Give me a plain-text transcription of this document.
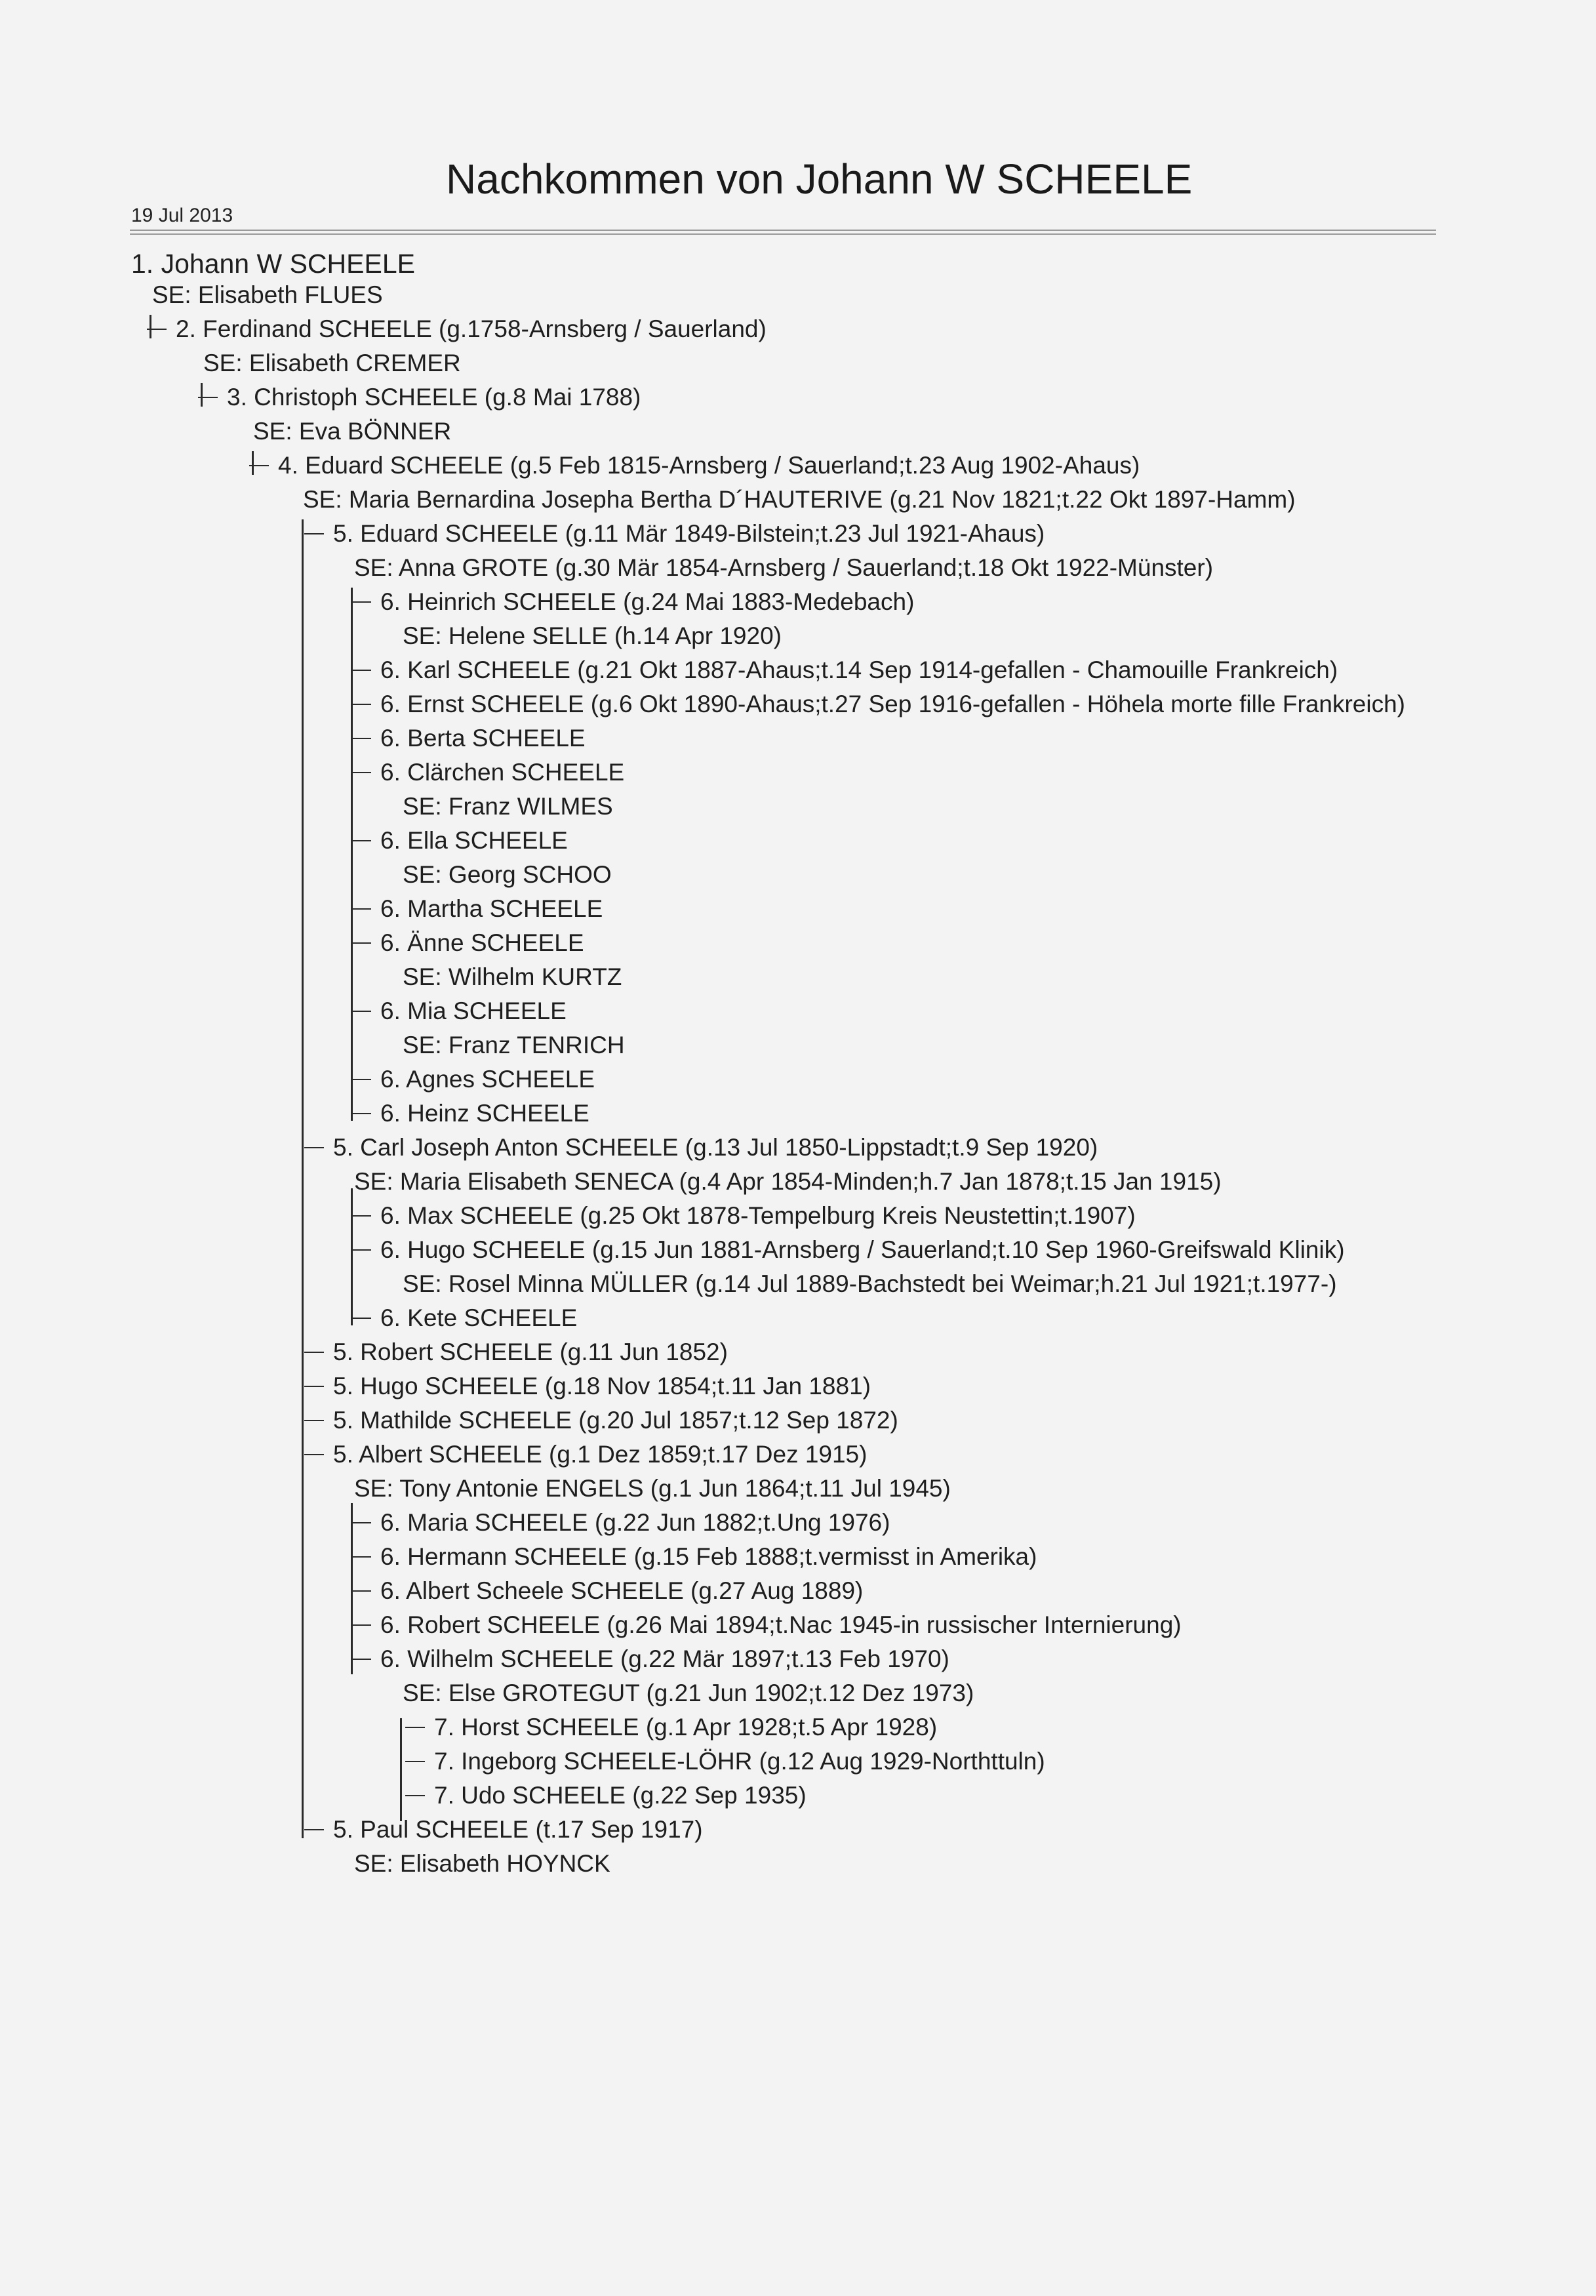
Nachkommen von Johann W SCHEELE
19 Jul 2013
1. Johann W SCHEELE
SE: Elisabeth FLUES
2. Ferdinand SCHEELE (g.1758-Arnsberg / Sauerland)
SE: Elisabeth CREMER
3. Christoph SCHEELE (g.8 Mai 1788)
SE: Eva BÖNNER
4. Eduard SCHEELE (g.5 Feb 1815-Arnsberg / Sauerland;t.23 Aug 1902-Ahaus)
SE: Maria Bernardina Josepha Bertha D´HAUTERIVE (g.21 Nov 1821;t.22 Okt 1897-Hamm)
5. Eduard SCHEELE (g.11 Mär 1849-Bilstein;t.23 Jul 1921-Ahaus)
SE: Anna GROTE (g.30 Mär 1854-Arnsberg / Sauerland;t.18 Okt 1922-Münster)
6. Heinrich SCHEELE (g.24 Mai 1883-Medebach)
SE: Helene SELLE (h.14 Apr 1920)
6. Karl SCHEELE (g.21 Okt 1887-Ahaus;t.14 Sep 1914-gefallen - Chamouille Frankreich)
6. Ernst SCHEELE (g.6 Okt 1890-Ahaus;t.27 Sep 1916-gefallen - Höhela morte fille Frankreich)
6. Berta SCHEELE
6. Clärchen SCHEELE
SE: Franz WILMES
6. Ella SCHEELE
SE: Georg SCHOO
6. Martha SCHEELE
6. Änne SCHEELE
SE: Wilhelm KURTZ
6. Mia SCHEELE
SE: Franz TENRICH
6. Agnes SCHEELE
6. Heinz SCHEELE
5. Carl Joseph Anton SCHEELE (g.13 Jul 1850-Lippstadt;t.9 Sep 1920)
SE: Maria Elisabeth SENECA (g.4 Apr 1854-Minden;h.7 Jan 1878;t.15 Jan 1915)
6. Max SCHEELE (g.25 Okt 1878-Tempelburg Kreis Neustettin;t.1907)
6. Hugo SCHEELE (g.15 Jun 1881-Arnsberg / Sauerland;t.10 Sep 1960-Greifswald Klinik)
SE: Rosel Minna MÜLLER (g.14 Jul 1889-Bachstedt bei Weimar;h.21 Jul 1921;t.1977-)
6. Kete SCHEELE
5. Robert SCHEELE (g.11 Jun 1852)
5. Hugo SCHEELE (g.18 Nov 1854;t.11 Jan 1881)
5. Mathilde SCHEELE (g.20 Jul 1857;t.12 Sep 1872)
5. Albert SCHEELE (g.1 Dez 1859;t.17 Dez 1915)
SE: Tony Antonie ENGELS (g.1 Jun 1864;t.11 Jul 1945)
6. Maria SCHEELE (g.22 Jun 1882;t.Ung 1976)
6. Hermann SCHEELE (g.15 Feb 1888;t.vermisst in Amerika)
6. Albert Scheele SCHEELE (g.27 Aug 1889)
6. Robert SCHEELE (g.26 Mai 1894;t.Nac 1945-in russischer Internierung)
6. Wilhelm SCHEELE (g.22 Mär 1897;t.13 Feb 1970)
SE: Else GROTEGUT (g.21 Jun 1902;t.12 Dez 1973)
7. Horst SCHEELE (g.1 Apr 1928;t.5 Apr 1928)
7. Ingeborg SCHEELE-LÖHR (g.12 Aug 1929-Northttuln)
7. Udo SCHEELE (g.22 Sep 1935)
5. Paul SCHEELE (t.17 Sep 1917)
SE: Elisabeth HOYNCK
